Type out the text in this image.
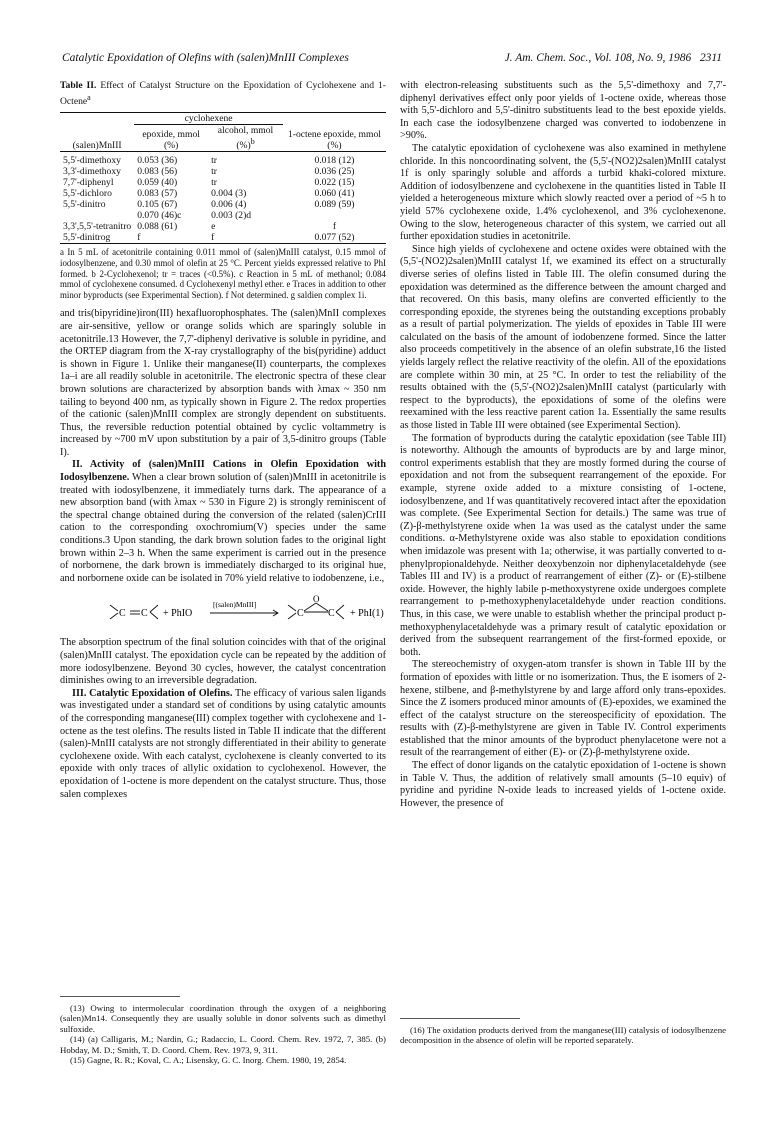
Catalytic Epoxidation of Olefins with (salen)MnIII Complexes	J. Am. Chem. Soc., Vol. 108, No. 9, 1986 2311
Table II. Effect of Catalyst Structure on the Epoxidation of Cyclohexene and 1-Octene$^a$
	cyclohexene		
(salen)MnIII	epoxide, mmol (%)	alcohol, mmol (%)$^b$	1-octene epoxide, mmol (%)
5,5'-dimethoxy	0.053 (36)	tr	0.018 (12)
3,3'-dimethoxy	0.083 (56)	tr	0.036 (25)
7,7'-diphenyl	0.059 (40)	tr	0.022 (15)
5,5'-dichloro	0.083 (57)	0.004 (3)	0.060 (41)
5,5'-dinitro	0.105 (67)	0.006 (4)	0.089 (59)
	0.070 (46)c	0.003 (2)d	
3,3',5,5'-tetranitro	0.088 (61)	e	f
5,5'-dinitrog	f	f	0.077 (52)
a In 5 mL of acetonitrile containing 0.011 mmol of (salen)MnIII catalyst, 0.15 mmol of iodosylbenzene, and 0.30 mmol of olefin at 25 °C. Percent yields expressed relative to PhI formed. b 2-Cyclohexenol; tr = traces (<0.5%). c Reaction in 5 mL of methanol; 0.084 mmol of cyclohexene consumed. d Cyclohexenyl methyl ether. e Traces in addition to other minor byproducts (see Experimental Section). f Not determined. g saldien complex 1i.

and tris(bipyridine)iron(III) hexafluorophosphates. The (salen)MnII complexes are air-sensitive, yellow or orange solids which are sparingly soluble in acetonitrile.13 However, the 7,7'-diphenyl derivative is soluble in pyridine, and the ORTEP diagram from the X-ray crystallography of the bis(pyridine) adduct is shown in Figure 1. Unlike their manganese(II) counterparts, the complexes 1a–i are all readily soluble in acetonitrile. The electronic spectra of these clear brown solutions are characterized by absorption bands with λmax ~ 350 nm tailing to beyond 400 nm, as typically shown in Figure 2. The redox properties of the cationic (salen)MnIII complex are strongly dependent on substituents. Thus, the reversible reduction potential obtained by cyclic voltammetry is increased by ~700 mV upon substitution by a pair of 3,5-dinitro groups (Table I).

II. Activity of (salen)MnIII Cations in Olefin Epoxidation with Iodosylbenzene. When a clear brown solution of (salen)MnIII in acetonitrile is treated with iodosylbenzene, it immediately turns dark. The appearance of a new absorption band (with λmax ~ 530 in Figure 2) is strongly reminiscent of the spectral change obtained during the conversion of the related (salen)CrIII cation to the corresponding oxochromium(V) species under the same conditions.3 Upon standing, the dark brown solution fades to the original light brown within 2–3 h. When the same experiment is carried out in the presence of norbornene, the dark brown is immediately discharged to its original hue, and norbornene oxide can be isolated in 70% yield relative to iodobenzene, i.e.,

C C + PhIO
[(salen)MnIII]
O
C C + PhI (1)

The absorption spectrum of the final solution coincides with that of the original (salen)MnIII catalyst. The epoxidation cycle can be repeated by the addition of more iodosylbenzene. Beyond 30 cycles, however, the catalyst concentration diminishes owing to an irreversible degradation.

III. Catalytic Epoxidation of Olefins. The efficacy of various salen ligands was investigated under a standard set of conditions by using catalytic amounts of the corresponding manganese(III) complex together with cyclohexene and 1-octene as the test olefins. The results listed in Table II indicate that the different (salen)-MnIII catalysts are not strongly differentiated in their ability to generate cyclohexene oxide. With each catalyst, cyclohexene is cleanly converted to its epoxide with only traces of allylic oxidation to cyclohexenol. However, the epoxidation of 1-octene is more dependent on the catalyst structure. Thus, those salen complexes

(13) Owing to intermolecular coordination through the oxygen of a neighboring (salen)Mn14. Consequently they are usually soluble in donor solvents such as dimethyl sulfoxide.

(14) (a) Calligaris, M.; Nardin, G.; Radaccio, L. Coord. Chem. Rev. 1972, 7, 385. (b) Hobday, M. D.; Smith, T. D. Coord. Chem. Rev. 1973, 9, 311.

(15) Gagne, R. R.; Koval, C. A.; Lisensky, G. C. Inorg. Chem. 1980, 19, 2854.

with electron-releasing substituents such as the 5,5'-dimethoxy and 7,7'-diphenyl derivatives effect only poor yields of 1-octene oxide, whereas those with 5,5'-dichloro and 5,5'-dinitro substituents lead to the best epoxide yields. In each case the iodosylbenzene charged was converted to iodobenzene in >90%.

The catalytic epoxidation of cyclohexene was also examined in methylene chloride. In this noncoordinating solvent, the (5,5'-(NO2)2salen)MnIII catalyst 1f is only sparingly soluble and affords a turbid khaki-colored mixture. Addition of iodosylbenzene and cyclohexene in the quantities listed in Table II yielded a heterogeneous mixture which slowly reacted over a period of ~5 h to yield 57% cyclohexene oxide, 1.4% cyclohexenol, and 3% cyclohexenone. Owing to the slow, heterogeneous character of this system, we carried out all further epoxidation studies in acetonitrile.

Since high yields of cyclohexene and octene oxides were obtained with the (5,5'-(NO2)2salen)MnIII catalyst 1f, we examined its effect on a structurally diverse series of olefins listed in Table III. The olefin consumed during the epoxidation was determined as the difference between the amount charged and that recovered. On this basis, many olefins are converted efficiently to the corresponding epoxide, the styrenes being the outstanding exceptions probably as a result of partial polymerization. The yields of epoxides in Table III were calculated on the basis of the amount of iodobenzene formed. Since the latter also proceeds competitively in the absence of an olefin substrate,16 the listed yields largely reflect the relative reactivity of the olefin. All of the epoxidations are complete within 30 min, at 25 °C. In order to test the reliability of the results obtained with the (5,5'-(NO2)2salen)MnIII catalyst (particularly with respect to the byproducts), the epoxidations of some of the olefins were reexamined with the less reactive parent cation 1a. Essentially the same results as those listed in Table III were obtained (see Experimental Section).

The formation of byproducts during the catalytic epoxidation (see Table III) is noteworthy. Although the amounts of byproducts are by and large minor, control experiments establish that they are mostly formed during the course of epoxidation and not from the subsequent rearrangement of the epoxide. For example, styrene oxide added to a mixture consisting of 1-octene, iodosylbenzene, and 1f was quantitatively recovered intact after the epoxidation was complete. (See Experimental Section for details.) The same was true of (Z)-β-methylstyrene oxide when 1a was used as the catalyst under the same conditions. α-Methylstyrene oxide was also stable to epoxidation conditions when imidazole was present with 1a; otherwise, it was partially converted to α-phenylpropionaldehyde. Neither deoxybenzoin nor diphenylacetaldehyde (see Tables III and IV) is a product of rearrangement of either (Z)- or (E)-stilbene oxide. However, the highly labile p-methoxystyrene oxide undergoes complete rearrangement to p-methoxyphenylacetaldehyde under reaction conditions. Thus, in this case, we were unable to establish whether the principal product p-methoxyphenylacetaldehyde was a primary result of catalytic epoxidation or derived from the subsequent rearrangement of the first-formed epoxide, or both.

The stereochemistry of oxygen-atom transfer is shown in Table III by the formation of epoxides with little or no isomerization. Thus, the E isomers of 2-hexene, stilbene, and β-methylstyrene by and large afford only trans-epoxides. Since the Z isomers produced minor amounts of (E)-epoxides, we examined the effect of the catalyst structure on the stereospecificity of epoxidation. The results with (Z)-β-methylstyrene are given in Table IV. Control experiments established that the minor amounts of the byproduct phenylacetone were not a result of the rearrangement of either (E)- or (Z)-β-methylstyrene oxide.

The effect of donor ligands on the catalytic epoxidation of 1-octene is shown in Table V. Thus, the addition of relatively small amounts (5–10 equiv) of pyridine and pyridine N-oxide leads to increased yields of 1-octene oxide. However, the presence of

(16) The oxidation products derived from the manganese(III) catalysis of iodosylbenzene decomposition in the absence of olefin will be reported separately.
